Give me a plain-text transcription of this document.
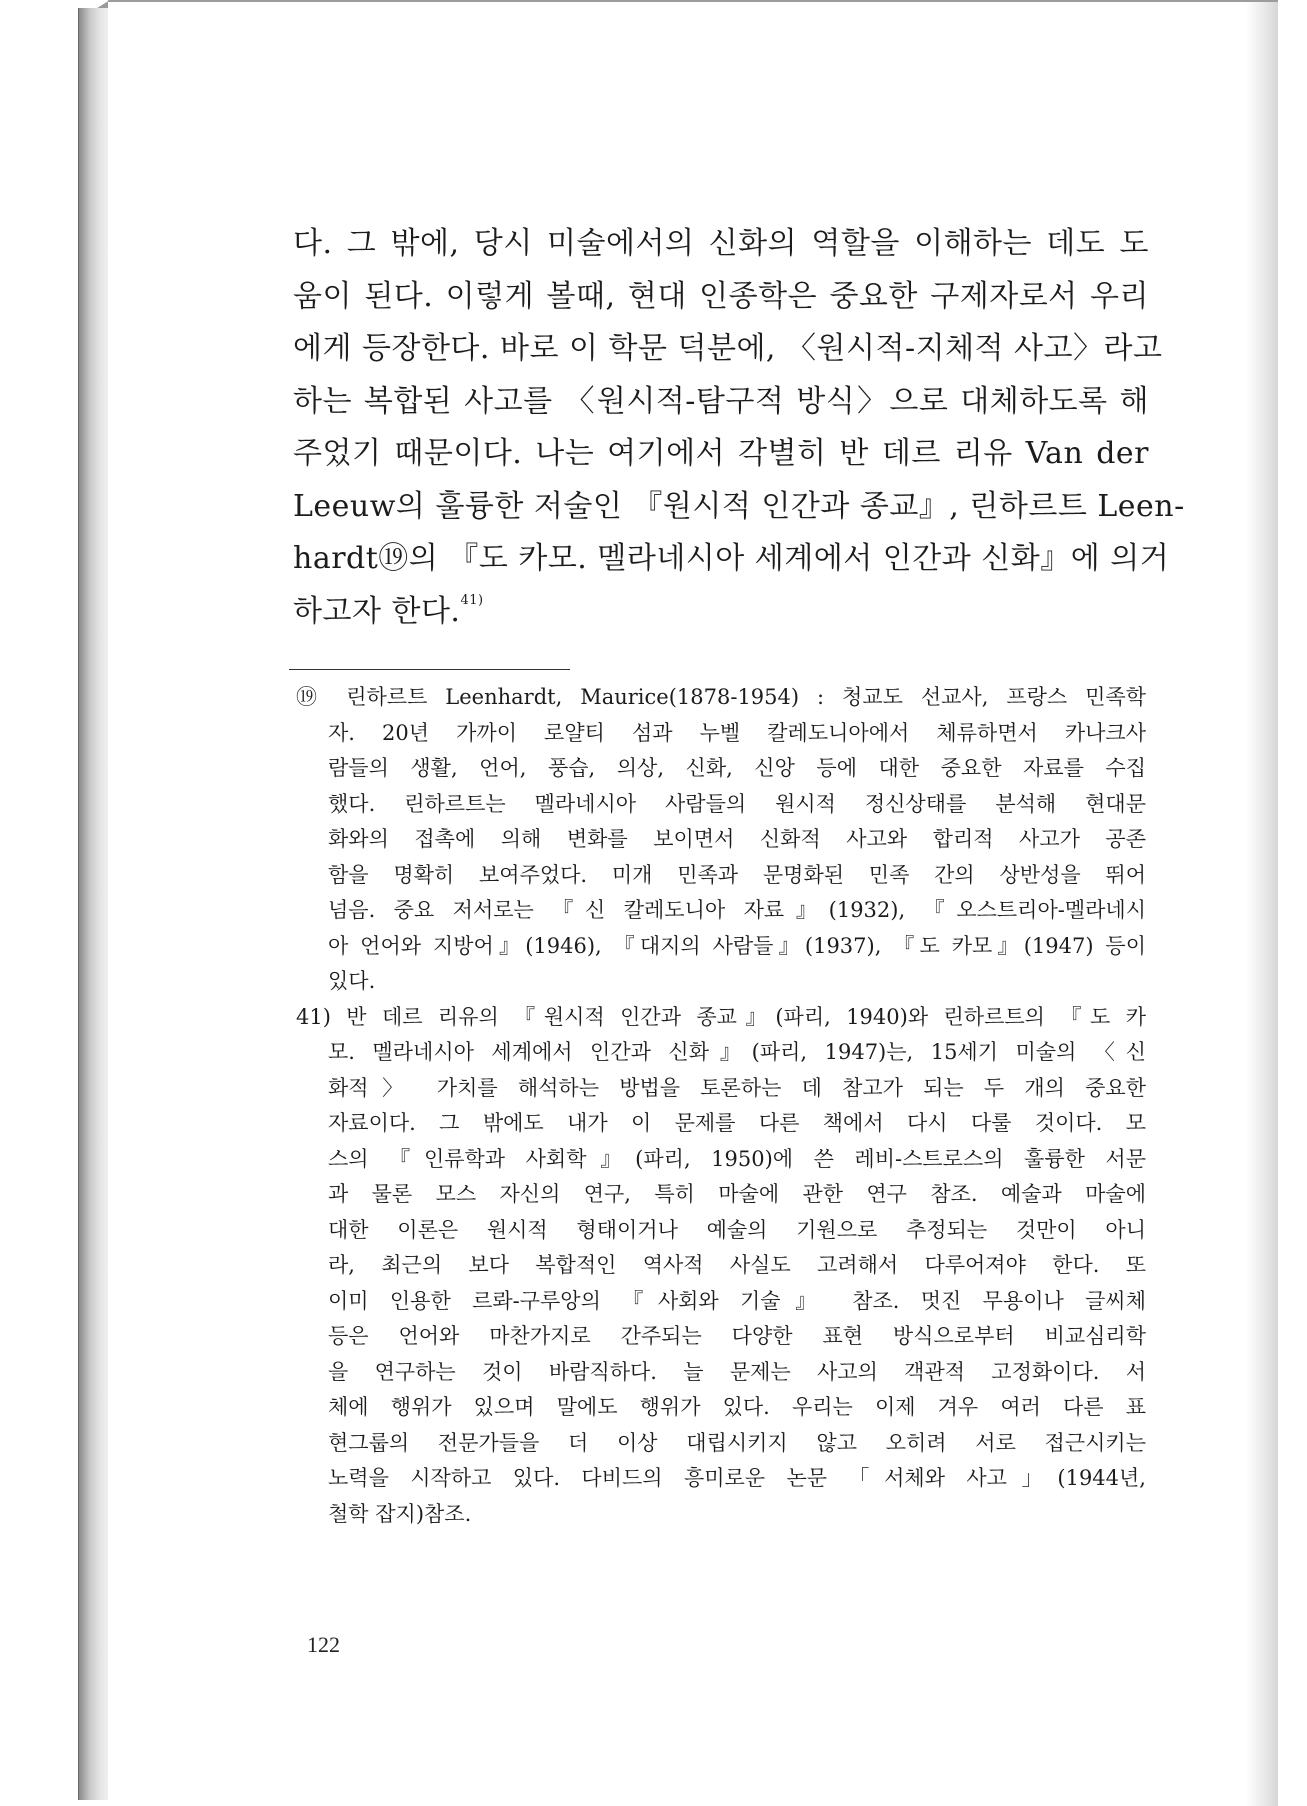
다. 그 밖에, 당시 미술에서의 신화의 역할을 이해하는 데도 도
움이 된다. 이렇게 볼때, 현대 인종학은 중요한 구제자로서 우리
에게 등장한다. 바로 이 학문 덕분에, 〈원시적-지체적 사고〉라고
하는 복합된 사고를 〈원시적-탐구적 방식〉으로 대체하도록 해
주었기 때문이다. 나는 여기에서 각별히 반 데르 리유 Van der
Leeuw의 훌륭한 저술인 『원시적 인간과 종교』, 린하르트 Leen-
hardt⑲의 『도 카모. 멜라네시아 세계에서 인간과 신화』에 의거
하고자 한다.$^{41)}$
⑲ 린하르트 Leenhardt, Maurice(1878-1954) : 청교도 선교사, 프랑스 민족학
자. 20년 가까이 로얄티 섬과 누벨 칼레도니아에서 체류하면서 카나크사
람들의 생활, 언어, 풍습, 의상, 신화, 신앙 등에 대한 중요한 자료를 수집
했다. 린하르트는 멜라네시아 사람들의 원시적 정신상태를 분석해 현대문
화와의 접촉에 의해 변화를 보이면서 신화적 사고와 합리적 사고가 공존
함을 명확히 보여주었다. 미개 민족과 문명화된 민족 간의 상반성을 뛰어
넘음. 중요 저서로는 『신 칼레도니아 자료』(1932), 『오스트리아-멜라네시
아 언어와 지방어』(1946), 『대지의 사람들』(1937), 『도 카모』(1947) 등이
있다.
41) 반 데르 리유의 『원시적 인간과 종교』(파리, 1940)와 린하르트의 『도 카
모. 멜라네시아 세계에서 인간과 신화』(파리, 1947)는, 15세기 미술의 〈신
화적〉 가치를 해석하는 방법을 토론하는 데 참고가 되는 두 개의 중요한
자료이다. 그 밖에도 내가 이 문제를 다른 책에서 다시 다룰 것이다. 모
스의 『인류학과 사회학』(파리, 1950)에 쓴 레비-스트로스의 훌륭한 서문
과 물론 모스 자신의 연구, 특히 마술에 관한 연구 참조. 예술과 마술에
대한 이론은 원시적 형태이거나 예술의 기원으로 추정되는 것만이 아니
라, 최근의 보다 복합적인 역사적 사실도 고려해서 다루어져야 한다. 또
이미 인용한 르롸-구루앙의 『사회와 기술』 참조. 멋진 무용이나 글씨체
등은 언어와 마찬가지로 간주되는 다양한 표현 방식으로부터 비교심리학
을 연구하는 것이 바람직하다. 늘 문제는 사고의 객관적 고정화이다. 서
체에 행위가 있으며 말에도 행위가 있다. 우리는 이제 겨우 여러 다른 표
현그룹의 전문가들을 더 이상 대립시키지 않고 오히려 서로 접근시키는
노력을 시작하고 있다. 다비드의 흥미로운 논문 「서체와 사고」(1944년,
철학 잡지)참조.
122
